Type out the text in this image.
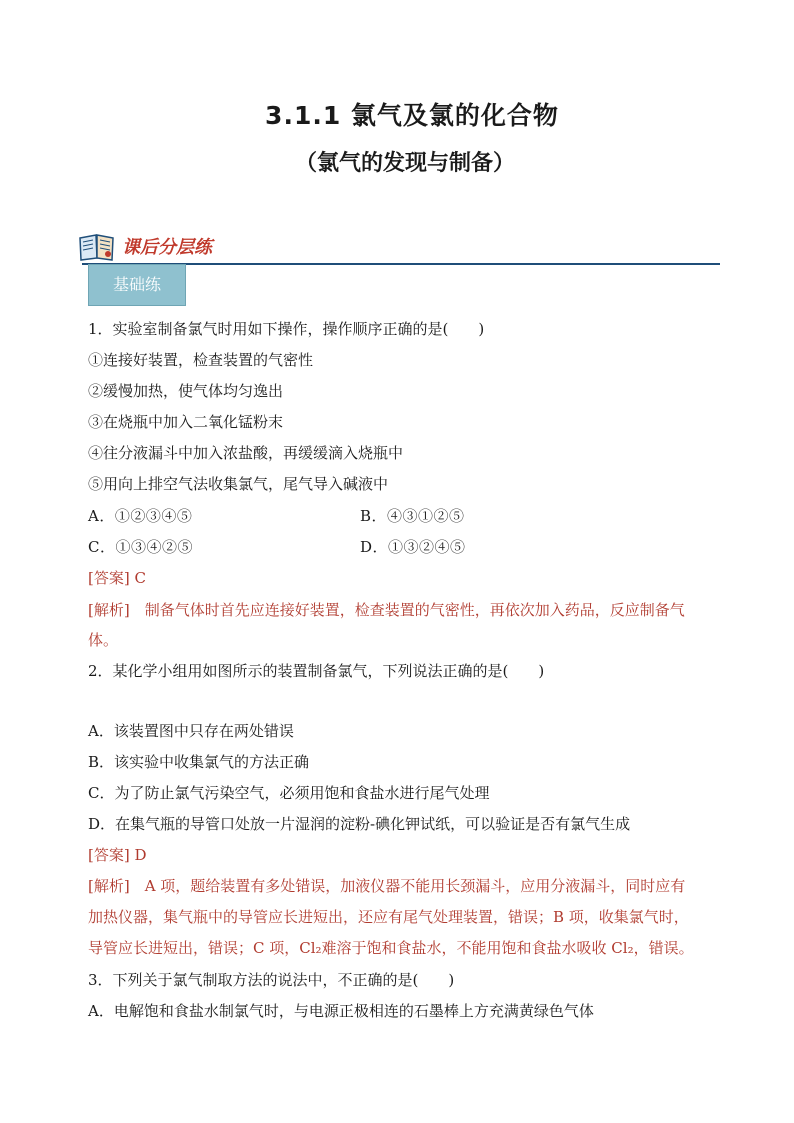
3.1.1 氯气及氯的化合物
（氯气的发现与制备）
课后分层练
基础练
1．实验室制备氯气时用如下操作，操作顺序正确的是(　　)
①连接好装置，检查装置的气密性
②缓慢加热，使气体均匀逸出
③在烧瓶中加入二氧化锰粉末
④往分液漏斗中加入浓盐酸，再缓缓滴入烧瓶中
⑤用向上排空气法收集氯气，尾气导入碱液中
A．①②③④⑤	B．④③①②⑤
C．①③④②⑤	D．①③②④⑤
[答案] C
[解析]　制备气体时首先应连接好装置，检查装置的气密性，再依次加入药品，反应制备气
体。
2．某化学小组用如图所示的装置制备氯气，下列说法正确的是(　　)
A．该装置图中只存在两处错误
B．该实验中收集氯气的方法正确
C．为了防止氯气污染空气，必须用饱和食盐水进行尾气处理
D．在集气瓶的导管口处放一片湿润的淀粉-碘化钾试纸，可以验证是否有氯气生成
[答案] D
[解析]　A 项，题给装置有多处错误，加液仪器不能用长颈漏斗，应用分液漏斗，同时应有
加热仪器，集气瓶中的导管应长进短出，还应有尾气处理装置，错误；B 项，收集氯气时，
导管应长进短出，错误；C 项，Cl₂难溶于饱和食盐水，不能用饱和食盐水吸收 Cl₂，错误。
3．下列关于氯气制取方法的说法中，不正确的是(　　)
A．电解饱和食盐水制氯气时，与电源正极相连的石墨棒上方充满黄绿色气体
